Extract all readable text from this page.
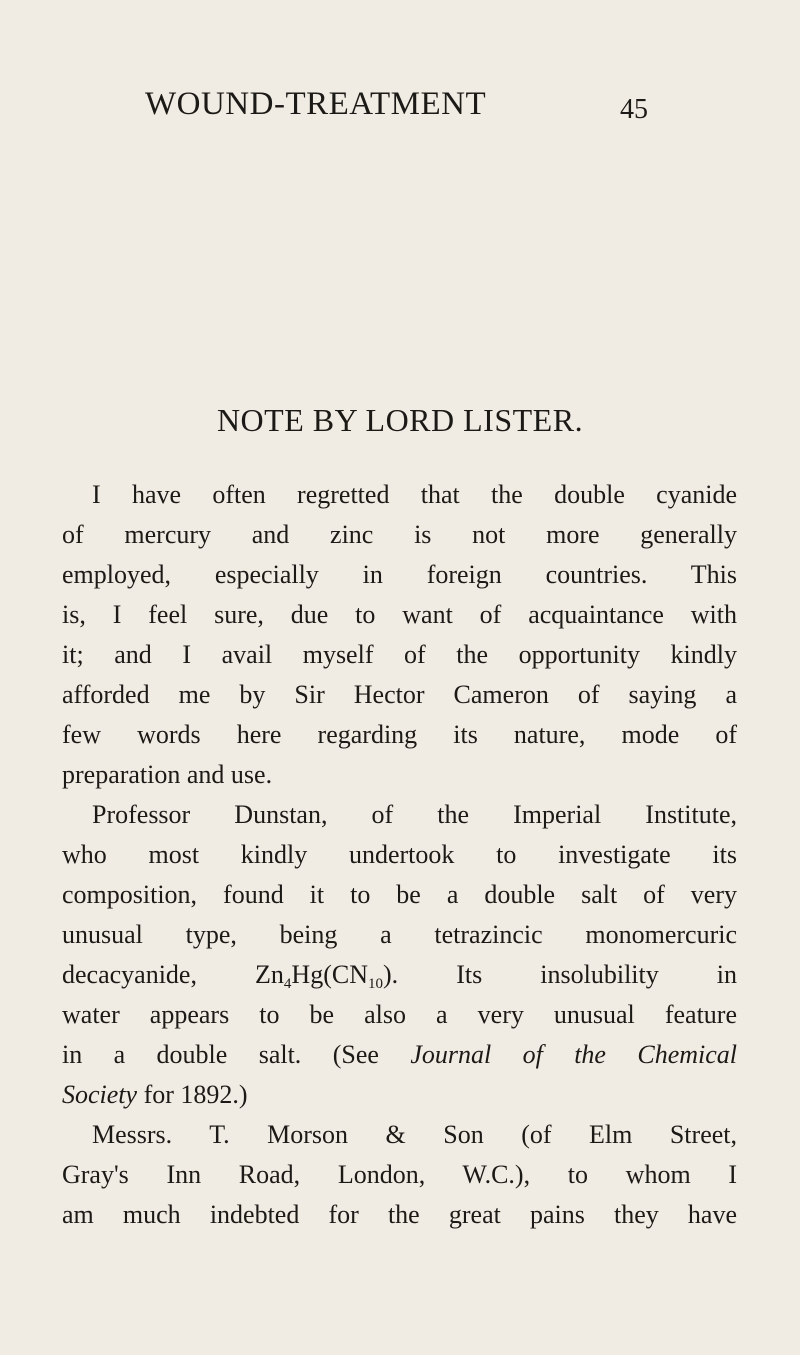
WOUND-TREATMENT	45
NOTE BY LORD LISTER.
I have often regretted that the double cyanide
of mercury and zinc is not more generally
employed, especially in foreign countries. This
is, I feel sure, due to want of acquaintance with
it; and I avail myself of the opportunity kindly
afforded me by Sir Hector Cameron of saying a
few words here regarding its nature, mode of
preparation and use.
Professor Dunstan, of the Imperial Institute,
who most kindly undertook to investigate its
composition, found it to be a double salt of very
unusual type, being a tetrazincic monomercuric
decacyanide, $Zn_4Hg(CN_{10})$. Its insolubility in
water appears to be also a very unusual feature
in a double salt. (See Journal of the Chemical
Society for 1892.)
Messrs. T. Morson & Son (of Elm Street,
Gray's Inn Road, London, W.C.), to whom I
am much indebted for the great pains they have
